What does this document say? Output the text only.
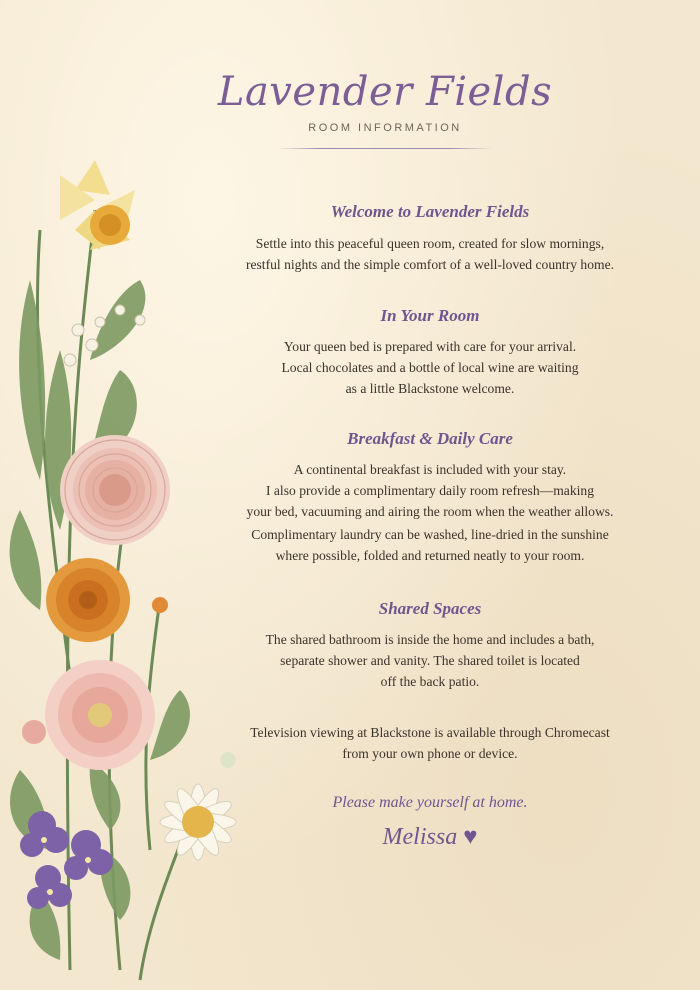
Lavender Fields
ROOM INFORMATION
Welcome to Lavender Fields

Settle into this peaceful queen room, created for slow mornings,

restful nights and the simple comfort of a well-loved country home.

In Your Room

Your queen bed is prepared with care for your arrival.

Local chocolates and a bottle of local wine are waiting

as a little Blackstone welcome.

Breakfast & Daily Care

A continental breakfast is included with your stay.

I also provide a complimentary daily room refresh—making

your bed, vacuuming and airing the room when the weather allows.

Complimentary laundry can be washed, line-dried in the sunshine

where possible, folded and returned neatly to your room.

Shared Spaces

The shared bathroom is inside the home and includes a bath,

separate shower and vanity. The shared toilet is located

off the back patio.

Television viewing at Blackstone is available through Chromecast

from your own phone or device.

Please make yourself at home.
Melissa ♥
